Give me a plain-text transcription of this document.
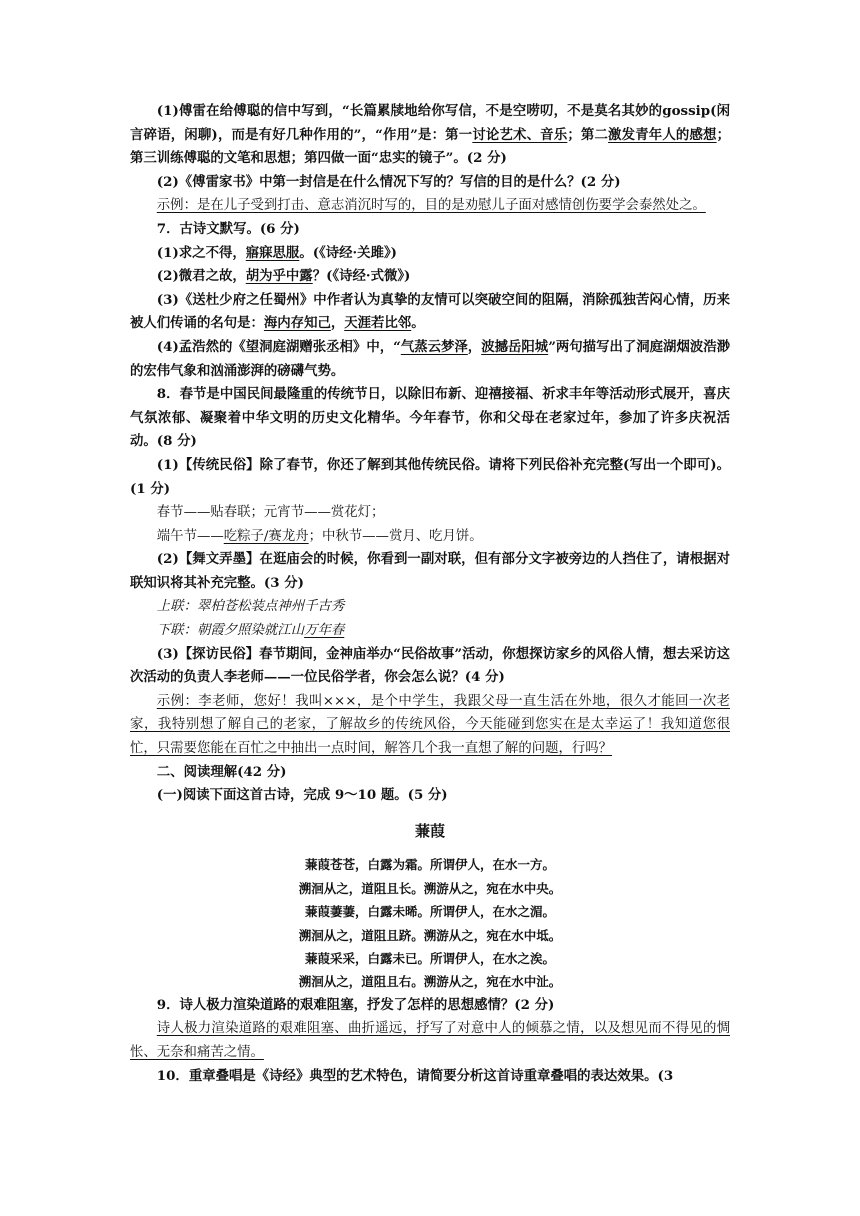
(1)傅雷在给傅聪的信中写到，“长篇累牍地给你写信，不是空唠叨，不是莫名其妙的gossip(闲言碎语，闲聊)，而是有好几种作用的”，“作用”是：第一讨论艺术、音乐；第二激发青年人的感想；第三训练傅聪的文笔和思想；第四做一面“忠实的镜子”。(2 分)

(2)《傅雷家书》中第一封信是在什么情况下写的？写信的目的是什么？(2 分)

示例：是在儿子受到打击、意志消沉时写的，目的是劝慰儿子面对感情创伤要学会泰然处之。

7．古诗文默写。(6 分)

(1)求之不得，寤寐思服。(《诗经·关雎》)

(2)微君之故，胡为乎中露？(《诗经·式微》)

(3)《送杜少府之任蜀州》中作者认为真挚的友情可以突破空间的阻隔，消除孤独苦闷心情，历来被人们传诵的名句是：海内存知己，天涯若比邻。

(4)孟浩然的《望洞庭湖赠张丞相》中，“气蒸云梦泽，波撼岳阳城”两句描写出了洞庭湖烟波浩渺的宏伟气象和汹涌澎湃的磅礴气势。

8．春节是中国民间最隆重的传统节日，以除旧布新、迎禧接福、祈求丰年等活动形式展开，喜庆气氛浓郁、凝聚着中华文明的历史文化精华。今年春节，你和父母在老家过年，参加了许多庆祝活动。(8 分)

(1)【传统民俗】除了春节，你还了解到其他传统民俗。请将下列民俗补充完整(写出一个即可)。(1 分)

春节——贴春联；元宵节——赏花灯；

端午节——吃粽子/赛龙舟；中秋节——赏月、吃月饼。

(2)【舞文弄墨】在逛庙会的时候，你看到一副对联，但有部分文字被旁边的人挡住了，请根据对联知识将其补充完整。(3 分)

上联：翠柏苍松装点神州千古秀

下联：朝霞夕照染就江山万年春

(3)【探访民俗】春节期间，金神庙举办“民俗故事”活动，你想探访家乡的风俗人情，想去采访这次活动的负责人李老师——一位民俗学者，你会怎么说？(4 分)

示例：李老师，您好！我叫×××，是个中学生，我跟父母一直生活在外地，很久才能回一次老家，我特别想了解自己的老家，了解故乡的传统风俗，今天能碰到您实在是太幸运了！我知道您很忙，只需要您能在百忙之中抽出一点时间，解答几个我一直想了解的问题，行吗？

二、阅读理解(42 分)

(一)阅读下面这首古诗，完成 9～10 题。(5 分)

蒹葭
蒹葭苍苍，白露为霜。所谓伊人，在水一方。
溯洄从之，道阻且长。溯游从之，宛在水中央。
蒹葭萋萋，白露未晞。所谓伊人，在水之湄。
溯洄从之，道阻且跻。溯游从之，宛在水中坻。
蒹葭采采，白露未已。所谓伊人，在水之涘。
溯洄从之，道阻且右。溯游从之，宛在水中沚。

9．诗人极力渲染道路的艰难阻塞，抒发了怎样的思想感情？(2 分)

诗人极力渲染道路的艰难阻塞、曲折遥远，抒写了对意中人的倾慕之情，以及想见而不得见的惆怅、无奈和痛苦之情。

10．重章叠唱是《诗经》典型的艺术特色，请简要分析这首诗重章叠唱的表达效果。(3
